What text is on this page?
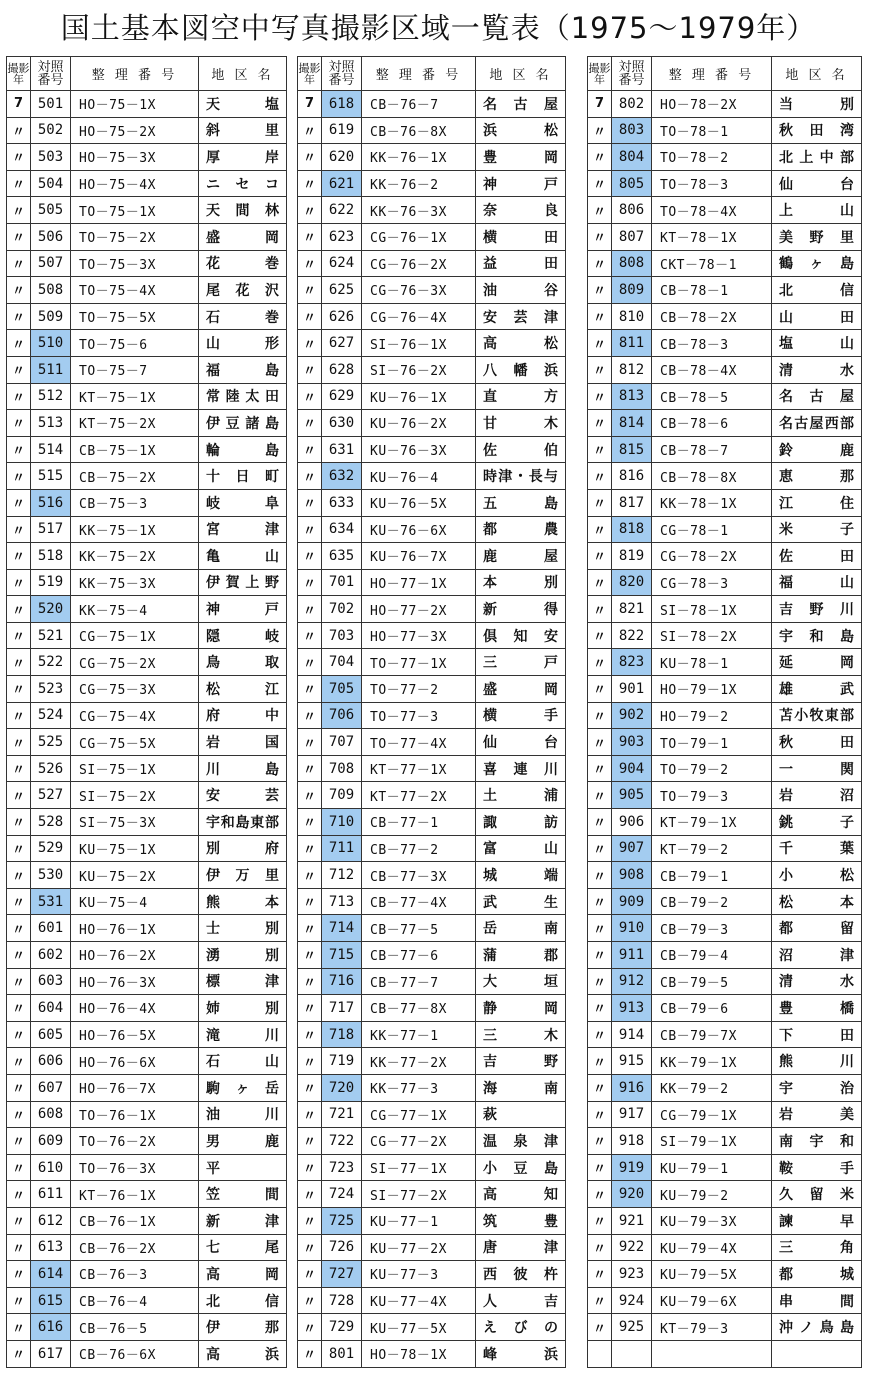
国土基本図空中写真撮影区域一覧表（1975～1979年）
撮影
年	対照
番号	整 理 番 号	地 区 名
7	501	HO－75－1X	天塩
〃	502	HO－75－2X	斜里
〃	503	HO－75－3X	厚岸
〃	504	HO－75－4X	ニセコ
〃	505	TO－75－1X	天間林
〃	506	TO－75－2X	盛岡
〃	507	TO－75－3X	花巻
〃	508	TO－75－4X	尾花沢
〃	509	TO－75－5X	石巻
〃	510	TO－75－6	山形
〃	511	TO－75－7	福島
〃	512	KT－75－1X	常陸太田
〃	513	KT－75－2X	伊豆諸島
〃	514	CB－75－1X	輪島
〃	515	CB－75－2X	十日町
〃	516	CB－75－3	岐阜
〃	517	KK－75－1X	宮津
〃	518	KK－75－2X	亀山
〃	519	KK－75－3X	伊賀上野
〃	520	KK－75－4	神戸
〃	521	CG－75－1X	隠岐
〃	522	CG－75－2X	鳥取
〃	523	CG－75－3X	松江
〃	524	CG－75－4X	府中
〃	525	CG－75－5X	岩国
〃	526	SI－75－1X	川島
〃	527	SI－75－2X	安芸
〃	528	SI－75－3X	宇和島東部
〃	529	KU－75－1X	別府
〃	530	KU－75－2X	伊万里
〃	531	KU－75－4	熊本
〃	601	HO－76－1X	士別
〃	602	HO－76－2X	湧別
〃	603	HO－76－3X	標津
〃	604	HO－76－4X	姉別
〃	605	HO－76－5X	滝川
〃	606	HO－76－6X	石山
〃	607	HO－76－7X	駒ヶ岳
〃	608	TO－76－1X	油川
〃	609	TO－76－2X	男鹿
〃	610	TO－76－3X	平
〃	611	KT－76－1X	笠間
〃	612	CB－76－1X	新津
〃	613	CB－76－2X	七尾
〃	614	CB－76－3	高岡
〃	615	CB－76－4	北信
〃	616	CB－76－5	伊那
〃	617	CB－76－6X	高浜
撮影
年	対照
番号	整 理 番 号	地 区 名
7	618	CB－76－7	名古屋
〃	619	CB－76－8X	浜松
〃	620	KK－76－1X	豊岡
〃	621	KK－76－2	神戸
〃	622	KK－76－3X	奈良
〃	623	CG－76－1X	横田
〃	624	CG－76－2X	益田
〃	625	CG－76－3X	油谷
〃	626	CG－76－4X	安芸津
〃	627	SI－76－1X	高松
〃	628	SI－76－2X	八幡浜
〃	629	KU－76－1X	直方
〃	630	KU－76－2X	甘木
〃	631	KU－76－3X	佐伯
〃	632	KU－76－4	時津・長与
〃	633	KU－76－5X	五島
〃	634	KU－76－6X	都農
〃	635	KU－76－7X	鹿屋
〃	701	HO－77－1X	本別
〃	702	HO－77－2X	新得
〃	703	HO－77－3X	倶知安
〃	704	TO－77－1X	三戸
〃	705	TO－77－2	盛岡
〃	706	TO－77－3	横手
〃	707	TO－77－4X	仙台
〃	708	KT－77－1X	喜連川
〃	709	KT－77－2X	土浦
〃	710	CB－77－1	諏訪
〃	711	CB－77－2	富山
〃	712	CB－77－3X	城端
〃	713	CB－77－4X	武生
〃	714	CB－77－5	岳南
〃	715	CB－77－6	蒲郡
〃	716	CB－77－7	大垣
〃	717	CB－77－8X	静岡
〃	718	KK－77－1	三木
〃	719	KK－77－2X	吉野
〃	720	KK－77－3	海南
〃	721	CG－77－1X	萩
〃	722	CG－77－2X	温泉津
〃	723	SI－77－1X	小豆島
〃	724	SI－77－2X	高知
〃	725	KU－77－1	筑豊
〃	726	KU－77－2X	唐津
〃	727	KU－77－3	西彼杵
〃	728	KU－77－4X	人吉
〃	729	KU－77－5X	えびの
〃	801	HO－78－1X	峰浜
撮影
年	対照
番号	整 理 番 号	地 区 名
7	802	HO－78－2X	当別
〃	803	TO－78－1	秋田湾
〃	804	TO－78－2	北上中部
〃	805	TO－78－3	仙台
〃	806	TO－78－4X	上山
〃	807	KT－78－1X	美野里
〃	808	CKT－78－1	鶴ヶ島
〃	809	CB－78－1	北信
〃	810	CB－78－2X	山田
〃	811	CB－78－3	塩山
〃	812	CB－78－4X	清水
〃	813	CB－78－5	名古屋
〃	814	CB－78－6	名古屋西部
〃	815	CB－78－7	鈴鹿
〃	816	CB－78－8X	恵那
〃	817	KK－78－1X	江住
〃	818	CG－78－1	米子
〃	819	CG－78－2X	佐田
〃	820	CG－78－3	福山
〃	821	SI－78－1X	吉野川
〃	822	SI－78－2X	宇和島
〃	823	KU－78－1	延岡
〃	901	HO－79－1X	雄武
〃	902	HO－79－2	苫小牧東部
〃	903	TO－79－1	秋田
〃	904	TO－79－2	一関
〃	905	TO－79－3	岩沼
〃	906	KT－79－1X	銚子
〃	907	KT－79－2	千葉
〃	908	CB－79－1	小松
〃	909	CB－79－2	松本
〃	910	CB－79－3	都留
〃	911	CB－79－4	沼津
〃	912	CB－79－5	清水
〃	913	CB－79－6	豊橋
〃	914	CB－79－7X	下田
〃	915	KK－79－1X	熊川
〃	916	KK－79－2	宇治
〃	917	CG－79－1X	岩美
〃	918	SI－79－1X	南宇和
〃	919	KU－79－1	鞍手
〃	920	KU－79－2	久留米
〃	921	KU－79－3X	諫早
〃	922	KU－79－4X	三角
〃	923	KU－79－5X	都城
〃	924	KU－79－6X	串間
〃	925	KT－79－3	沖ノ鳥島
